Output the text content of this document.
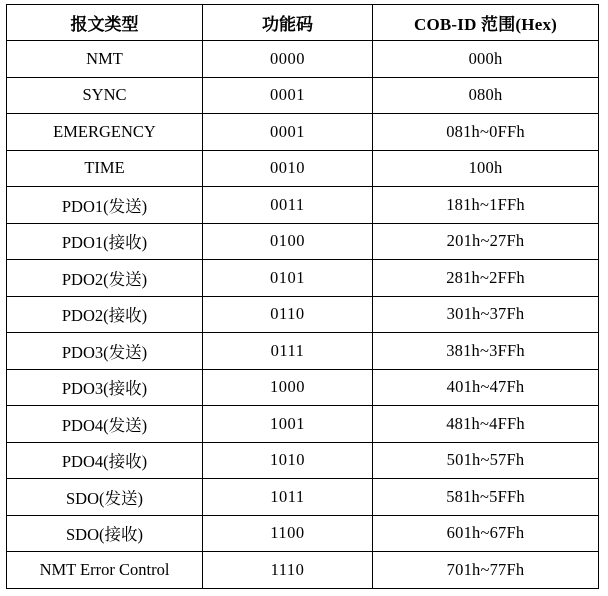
报文类型	功能码	COB-ID 范围(Hex)
NMT	0000	000h
SYNC	0001	080h
EMERGENCY	0001	081h~0FFh
TIME	0010	100h
PDO1(发送)	0011	181h~1FFh
PDO1(接收)	0100	201h~27Fh
PDO2(发送)	0101	281h~2FFh
PDO2(接收)	0110	301h~37Fh
PDO3(发送)	0111	381h~3FFh
PDO3(接收)	1000	401h~47Fh
PDO4(发送)	1001	481h~4FFh
PDO4(接收)	1010	501h~57Fh
SDO(发送)	1011	581h~5FFh
SDO(接收)	1100	601h~67Fh
NMT Error Control	1110	701h~77Fh
